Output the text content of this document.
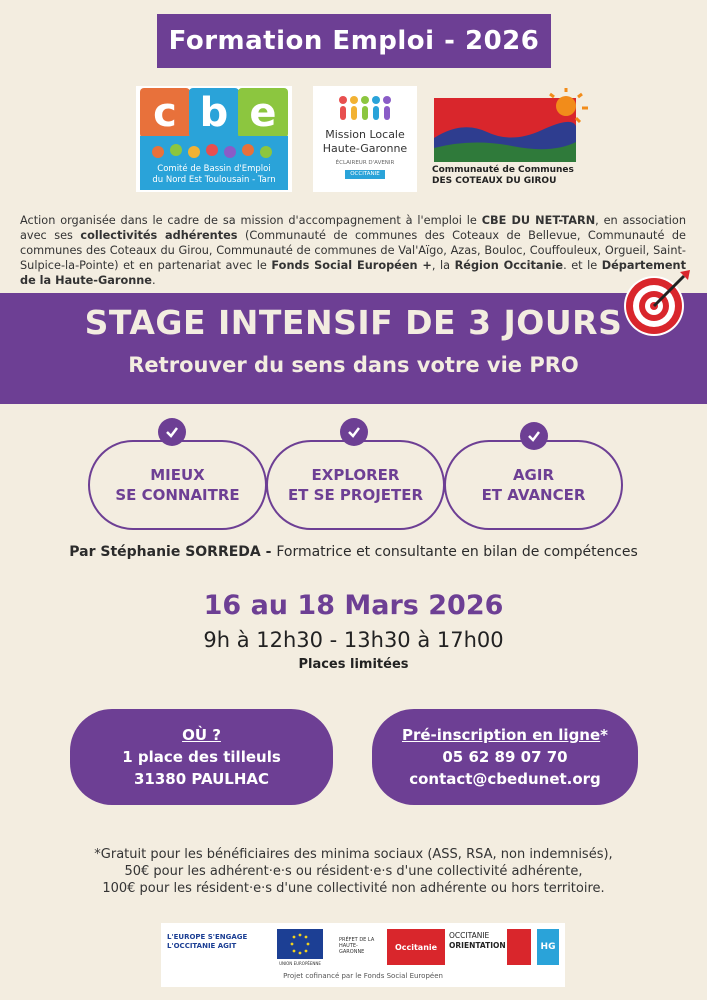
Formation Emploi - 2026
c b e
Comité de Bassin d'Emploi
du Nord Est Toulousain - Tarn
Mission Locale
Haute-Garonne
ÉCLAIREUR D'AVENIR
OCCITANIE	Communauté de Communes
DES COTEAUX DU GIROU
Action organisée dans le cadre de sa mission d'accompagnement à l'emploi le CBE DU NET-TARN, en association avec ses collectivités adhérentes (Communauté de communes des Coteaux de Bellevue, Communauté de communes des Coteaux du Girou, Communauté de communes de Val'Aïgo, Azas, Bouloc, Couffouleux, Orgueil, Saint-Sulpice-la-Pointe) et en partenariat avec le Fonds Social Européen +, la Région Occitanie. et le Département de la Haute-Garonne.
STAGE INTENSIF DE 3 JOURS
Retrouver du sens dans votre vie PRO
MIEUX
SE CONNAITRE
EXPLORER
ET SE PROJETER
AGIR
ET AVANCER
Par Stéphanie SORREDA - Formatrice et consultante en bilan de compétences
16 au 18 Mars 2026
9h à 12h30 - 13h30 à 17h00
Places limitées
OÙ ?
1 place des tilleuls
31380 PAULHAC
Pré-inscription en ligne*
05 62 89 07 70
contact@cbedunet.org
*Gratuit pour les bénéficiaires des minima sociaux (ASS, RSA, non indemnisés),
50€ pour les adhérent·e·s ou résident·e·s d'une collectivité adhérente,
100€ pour les résident·e·s d'une collectivité non adhérente ou hors territoire.
L'EUROPE S'ENGAGE
L'OCCITANIE AGIT
UNION EUROPÉENNE
PRÉFET DE LA HAUTE-GARONNE
Occitanie
OCCITANIE
ORIENTATION	HG
Projet cofinancé par le Fonds Social Européen
